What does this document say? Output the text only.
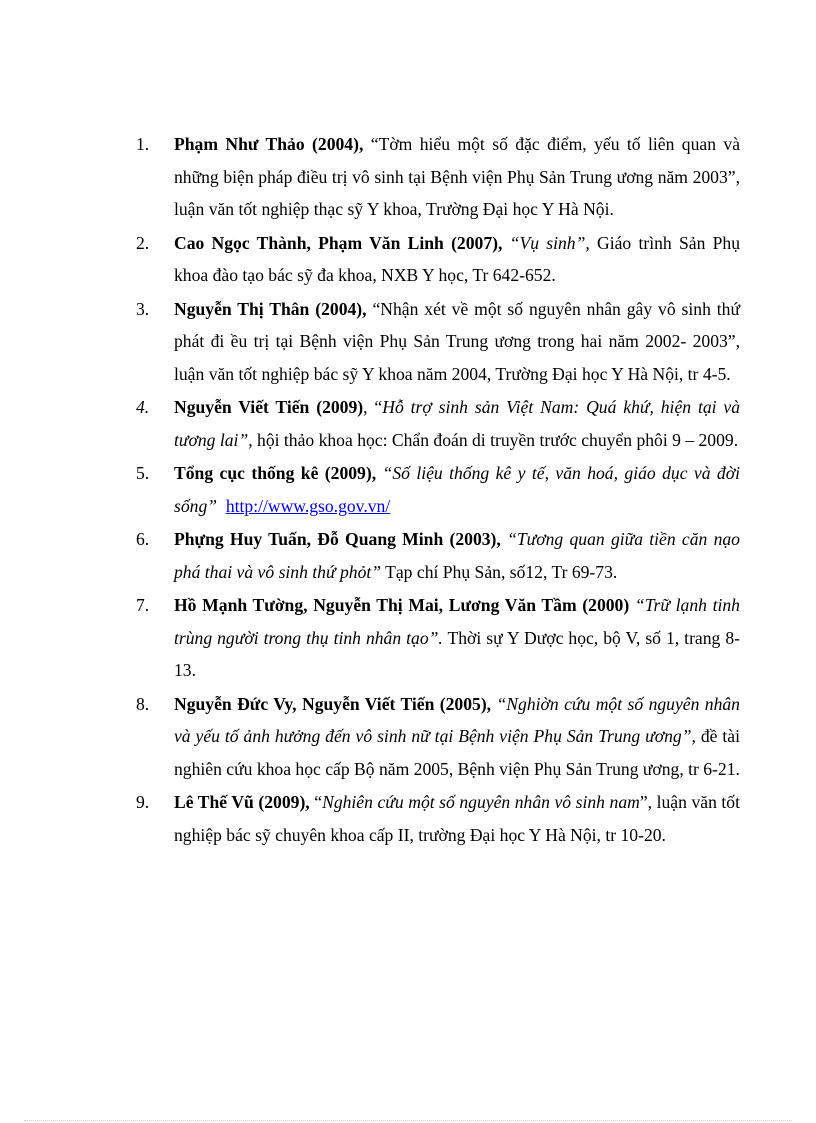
1. Phạm Như Thảo (2004), “Tờm hiểu một số đặc điểm, yếu tố liên quan và những biện pháp điều trị vô sinh tại Bệnh viện Phụ Sản Trung ương năm 2003”, luận văn tốt nghiệp thạc sỹ Y khoa, Trường Đại học Y Hà Nội.
2. Cao Ngọc Thành, Phạm Văn Linh (2007), “Vụ sinh”, Giáo trình Sản Phụ khoa đào tạo bác sỹ đa khoa, NXB Y học, Tr 642-652.
3. Nguyễn Thị Thân (2004), “Nhận xét về một số nguyên nhân gây vô sinh thứ phát đi ều trị tại Bệnh viện Phụ Sản Trung ương trong hai năm 2002- 2003”, luận văn tốt nghiệp bác sỹ Y khoa năm 2004, Trường Đại học Y Hà Nội, tr 4-5.
4. Nguyễn Viết Tiến (2009), “Hỗ trợ sinh sản Việt Nam: Quá khứ, hiện tại và tương lai”, hội thảo khoa học: Chẩn đoán di truyền trước chuyển phôi 9 – 2009.
5. Tổng cục thống kê (2009), “Số liệu thống kê y tế, văn hoá, giáo dục và đời sống” http://www.gso.gov.vn/
6. Phựng Huy Tuấn, Đỗ Quang Minh (2003), “Tương quan giữa tiền căn nạo phá thai và vô sinh thứ phỏt” Tạp chí Phụ Sản, số12, Tr 69-73.
7. Hồ Mạnh Tường, Nguyễn Thị Mai, Lương Văn Tầm (2000) “Trữ lạnh tinh trùng người trong thụ tinh nhân tạo”. Thời sự Y Dược học, bộ V, số 1, trang 8-13.
8. Nguyễn Đức Vy, Nguyễn Viết Tiến (2005), “Nghiờn cứu một số nguyên nhân và yếu tố ảnh hưởng đến vô sinh nữ tại Bệnh viện Phụ Sản Trung ương”, đề tài nghiên cứu khoa học cấp Bộ năm 2005, Bệnh viện Phụ Sản Trung ương, tr 6-21.
9. Lê Thế Vũ (2009), “Nghiên cứu một số nguyên nhân vô sinh nam”, luận văn tốt nghiệp bác sỹ chuyên khoa cấp II, trường Đại học Y Hà Nội, tr 10-20.
